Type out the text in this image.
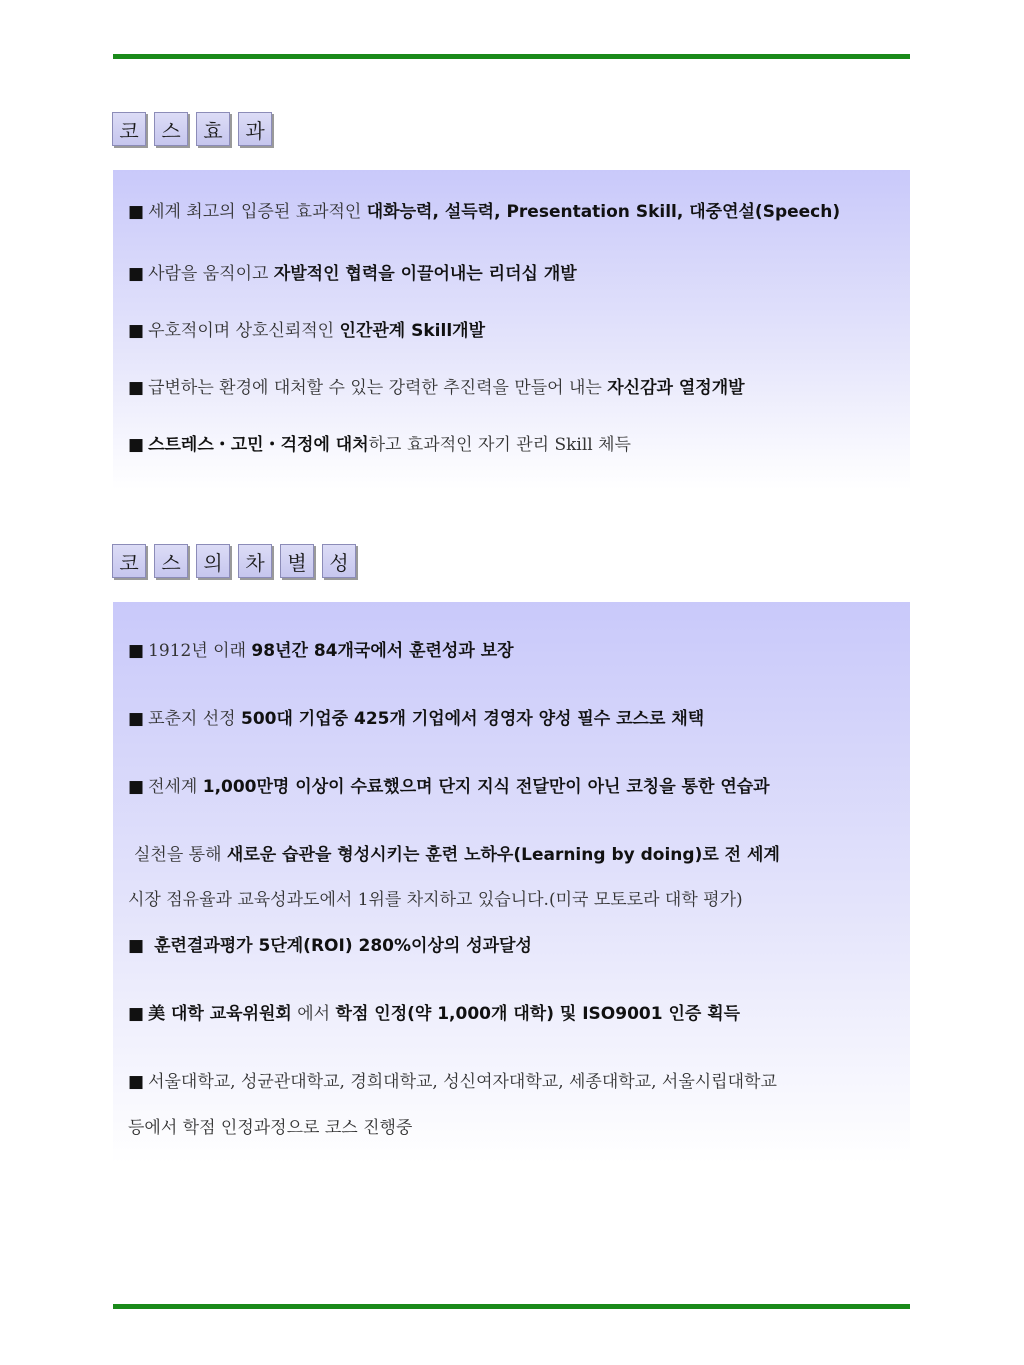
코	스	효	과
■ 세계 최고의 입증된 효과적인 대화능력, 설득력, Presentation Skill, 대중연설(Speech)
■ 사람을 움직이고 자발적인 협력을 이끌어내는 리더십 개발
■ 우호적이며 상호신뢰적인 인간관계 Skill개발
■ 급변하는 환경에 대처할 수 있는 강력한 추진력을 만들어 내는 자신감과 열정개발
■ 스트레스・고민・걱정에 대처하고 효과적인 자기 관리 Skill 체득
코	스	의	차	별	성
■ 1912년 이래 98년간 84개국에서 훈련성과 보장
■ 포춘지 선정 500대 기업중 425개 기업에서 경영자 양성 필수 코스로 채택
■ 전세계 1,000만명 이상이 수료했으며 단지 지식 전달만이 아닌 코칭을 통한 연습과
실천을 통해 새로운 습관을 형성시키는 훈련 노하우(Learning by doing)로 전 세계
시장 점유율과 교육성과도에서 1위를 차지하고 있습니다.(미국 모토로라 대학 평가)
■ 훈련결과평가 5단계(ROI) 280%이상의 성과달성
■ 美 대학 교육위원회 에서 학점 인정(약 1,000개 대학) 및 ISO9001 인증 획득
■ 서울대학교, 성균관대학교, 경희대학교, 성신여자대학교, 세종대학교, 서울시립대학교
등에서 학점 인정과정으로 코스 진행중
